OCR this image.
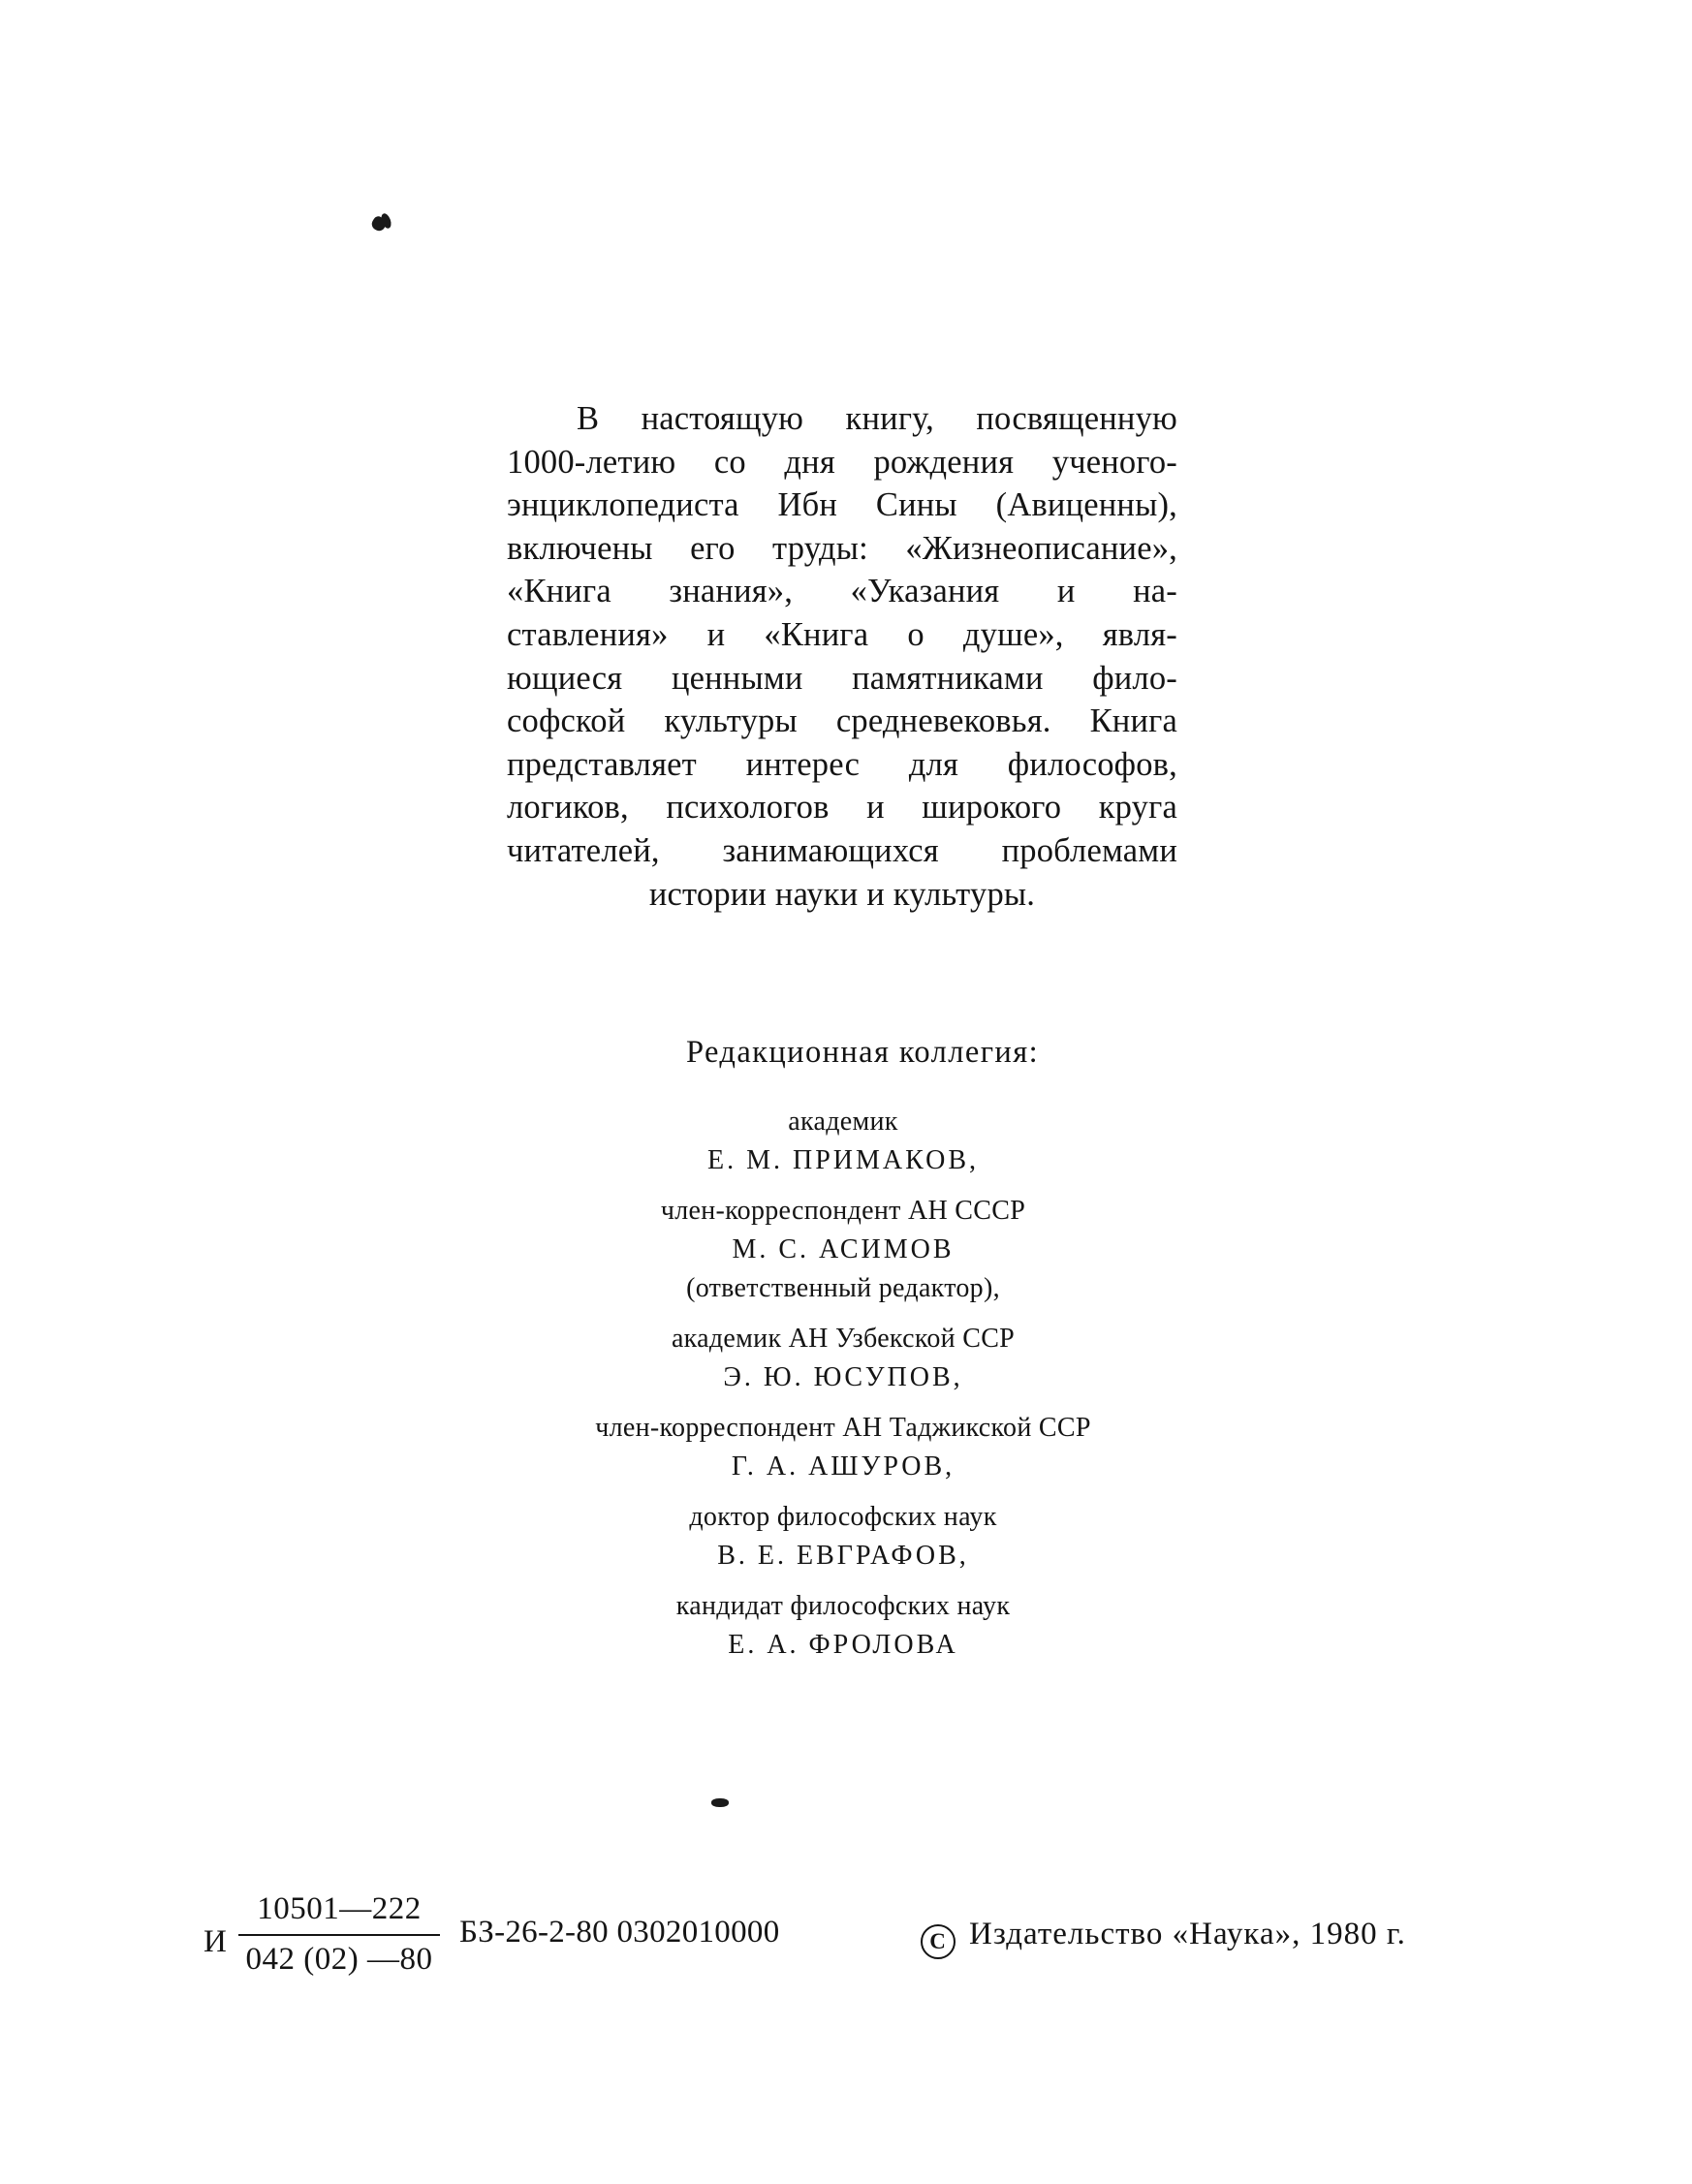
В настоящую книгу, посвященную
1000-летию со дня рождения ученого-
энциклопедиста Ибн Сины (Авиценны),
включены его труды: «Жизнеописание»,
«Книга знания», «Указания и на-
ставления» и «Книга о душе», явля-
ющиеся ценными памятниками фило-
софской культуры средневековья. Книга
представляет интерес для философов,
логиков, психологов и широкого круга
читателей, занимающихся проблемами
истории науки и культуры.
Редакционная коллегия:
академик
Е. М. ПРИМАКОВ,
член-корреспондент АН СССР
М. С. АСИМОВ
(ответственный редактор),
академик АН Узбекской ССР
Э. Ю. ЮСУПОВ,
член-корреспондент АН Таджикской ССР
Г. А. АШУРОВ,
доктор философских наук
В. Е. ЕВГРАФОВ,
кандидат философских наук
Е. А. ФРОЛОВА
И
10501—222
042 (02) —80
БЗ-26-2-80 0302010000	C Издательство «Наука», 1980 г.
